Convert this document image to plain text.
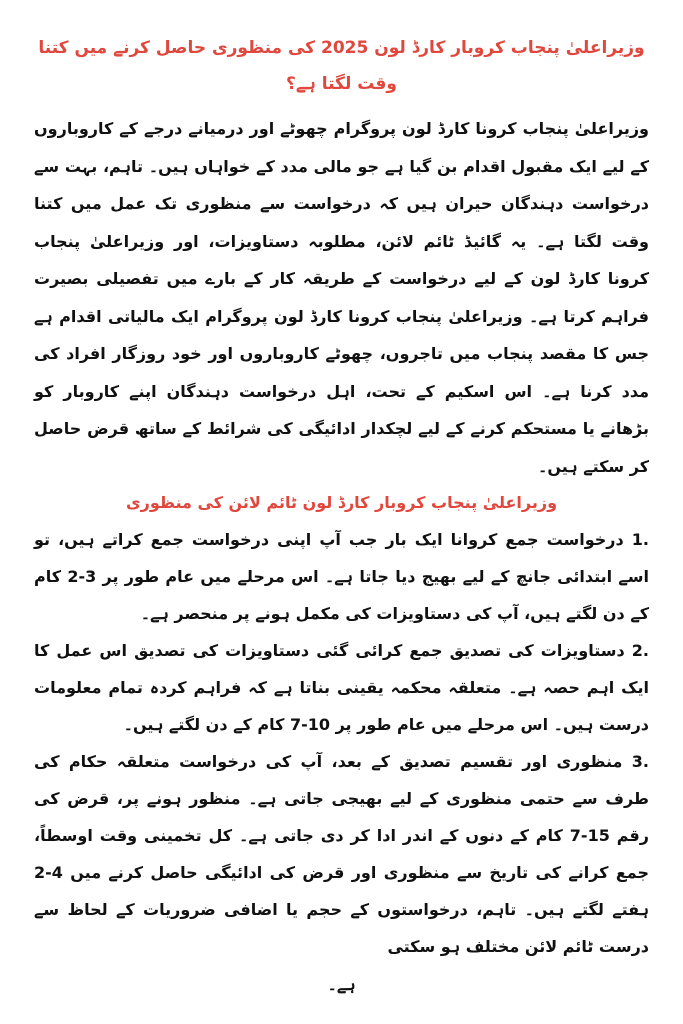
وزیراعلیٰ پنجاب کروبار کارڈ لون 2025 کی منظوری حاصل کرنے میں کتنا وقت لگتا ہے؟

وزیراعلیٰ پنجاب کرونا کارڈ لون پروگرام چھوٹے اور درمیانے درجے کے کاروباروں کے لیے ایک مقبول اقدام بن گیا ہے جو مالی مدد کے خواہاں ہیں۔ تاہم، بہت سے درخواست دہندگان حیران ہیں کہ درخواست سے منظوری تک عمل میں کتنا وقت لگتا ہے۔ یہ گائیڈ ٹائم لائن، مطلوبہ دستاویزات، اور وزیراعلیٰ پنجاب کرونا کارڈ لون کے لیے درخواست کے طریقہ کار کے بارے میں تفصیلی بصیرت فراہم کرتا ہے۔ وزیراعلیٰ پنجاب کرونا کارڈ لون پروگرام ایک مالیاتی اقدام ہے جس کا مقصد پنجاب میں تاجروں، چھوٹے کاروباروں اور خود روزگار افراد کی مدد کرنا ہے۔ اس اسکیم کے تحت، اہل درخواست دہندگان اپنے کاروبار کو بڑھانے یا مستحکم کرنے کے لیے لچکدار ادائیگی کی شرائط کے ساتھ قرض حاصل کر سکتے ہیں۔

وزیراعلیٰ پنجاب کروبار کارڈ لون ٹائم لائن کی منظوری

1. درخواست جمع کروانا ایک بار جب آپ اپنی درخواست جمع کراتے ہیں، تو اسے ابتدائی جانچ کے لیے بھیج دیا جاتا ہے۔ اس مرحلے میں عام طور پر 3-2 کام کے دن لگتے ہیں، آپ کی دستاویزات کی مکمل ہونے پر منحصر ہے۔

2. دستاویزات کی تصدیق جمع کرائی گئی دستاویزات کی تصدیق اس عمل کا ایک اہم حصہ ہے۔ متعلقہ محکمہ یقینی بناتا ہے کہ فراہم کردہ تمام معلومات درست ہیں۔ اس مرحلے میں عام طور پر 10-7 کام کے دن لگتے ہیں۔

3. منظوری اور تقسیم تصدیق کے بعد، آپ کی درخواست متعلقہ حکام کی طرف سے حتمی منظوری کے لیے بھیجی جاتی ہے۔ منظور ہونے پر، قرض کی رقم 15-7 کام کے دنوں کے اندر ادا کر دی جاتی ہے۔ کل تخمینی وقت اوسطاً، جمع کرانے کی تاریخ سے منظوری اور قرض کی ادائیگی حاصل کرنے میں 4-2 ہفتے لگتے ہیں۔ تاہم، درخواستوں کے حجم یا اضافی ضروریات کے لحاظ سے درست ٹائم لائن مختلف ہو سکتی

ہے۔
